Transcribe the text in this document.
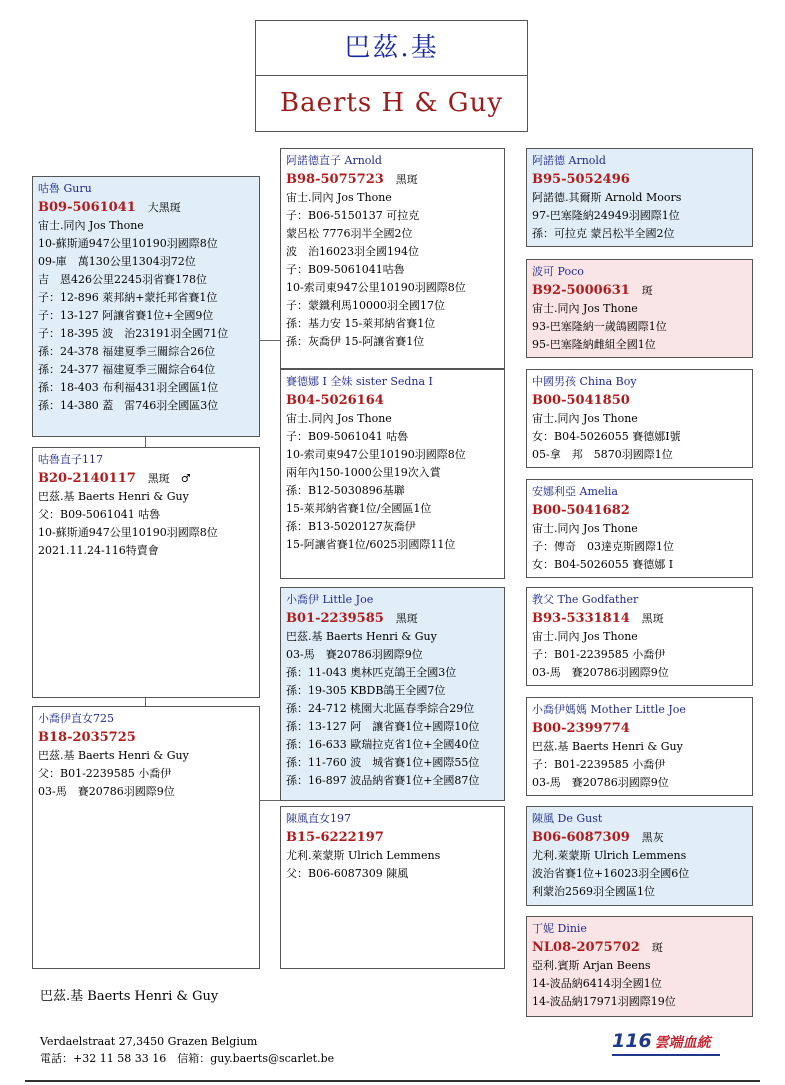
巴茲.基
Baerts H & Guy
咕魯 Guru
B09-5061041 大黑斑
宙士.同內 Jos Thone
10-蘇斯通947公里10190羽國際8位
09-庫　萬130公里1304羽72位
吉　恩426公里2245羽省賽178位
子：12-896 萊邦納+蒙托邦省賽1位
子：13-127 阿讓省賽1位+全國9位
子：18-395 波　治23191羽全國71位
孫：24-378 福建夏季三關綜合26位
孫：24-377 福建夏季三關綜合64位
孫：18-403 布利福431羽全國區1位
孫：14-380 蓋　雷746羽全國區3位
咕魯直子117
B20-2140117 黑斑　♂
巴茲.基 Baerts Henri & Guy
父：B09-5061041 咕魯
10-蘇斯通947公里10190羽國際8位
2021.11.24-116特賣會
小喬伊直女725
B18-2035725
巴茲.基 Baerts Henri & Guy
父：B01-2239585 小喬伊
03-馬　賽20786羽國際9位
阿諾德直子 Arnold
B98-5075723 黑斑
宙士.同內 Jos Thone
子：B06-5150137 可拉克
蒙呂松 7776羽半全國2位
波　治16023羽全國194位
子：B09-5061041咕魯
10-索司東947公里10190羽國際8位
子：蒙鐵利馬10000羽全國17位
孫：基力安 15-萊邦納省賽1位
孫：灰喬伊 15-阿讓省賽1位
賽德娜 I 全妹 sister Sedna I
B04-5026164
宙士.同內 Jos Thone
子：B09-5061041 咕魯
10-索司東947公里10190羽國際8位
兩年內150-1000公里19次入賞
孫：B12-5030896基聯
15-萊邦納省賽1位/全國區1位
孫：B13-5020127灰喬伊
15-阿讓省賽1位/6025羽國際11位
小喬伊 Little Joe
B01-2239585 黑斑
巴茲.基 Baerts Henri & Guy
03-馬　賽20786羽國際9位
孫：11-043 奧林匹克鴿王全國3位
孫：19-305 KBDB鴿王全國7位
孫：24-712 桃園大北區春季綜合29位
孫：13-127 阿　讓省賽1位+國際10位
孫：16-633 歐瑞拉克省1位+全國40位
孫：11-760 波　城省賽1位+國際55位
孫：16-897 波品納省賽1位+全國87位
陳風直女197
B15-6222197
尤利.萊蒙斯 Ulrich Lemmens
父：B06-6087309 陳風
阿諾德 Arnold
B95-5052496
阿諾德.其爾斯 Arnold Moors
97-巴塞隆納24949羽國際1位
孫：可拉克 蒙呂松半全國2位
波可 Poco
B92-5000631 斑
宙士.同內 Jos Thone
93-巴塞隆納一歲鴿國際1位
95-巴塞隆納雌組全國1位
中國男孩 China Boy
B00-5041850
宙士.同內 Jos Thone
女：B04-5026055 賽德娜I號
05-拿　邦　5870羽國際1位
安娜利亞 Amelia
B00-5041682
宙士.同內 Jos Thone
子：傳奇　03達克斯國際1位
女：B04-5026055 賽德娜 I
教父 The Godfather
B93-5331814 黑斑
宙士.同內 Jos Thone
子：B01-2239585 小喬伊
03-馬　賽20786羽國際9位
小喬伊媽媽 Mother Little Joe
B00-2399774
巴茲.基 Baerts Henri & Guy
子：B01-2239585 小喬伊
03-馬　賽20786羽國際9位
陳風 De Gust
B06-6087309 黑灰
尤利.萊蒙斯 Ulrich Lemmens
波治省賽1位+16023羽全國6位
利蒙治2569羽全國區1位
丁妮 Dinie
NL08-2075702 斑
亞利.賓斯 Arjan Beens
14-波品納6414羽全國1位
14-波品納17971羽國際19位
巴茲.基 Baerts Henri & Guy
Verdaelstraat 27,3450 Grazen Belgium
電話：+32 11 58 33 16　信箱：guy.baerts@scarlet.be
116 雲端血統
